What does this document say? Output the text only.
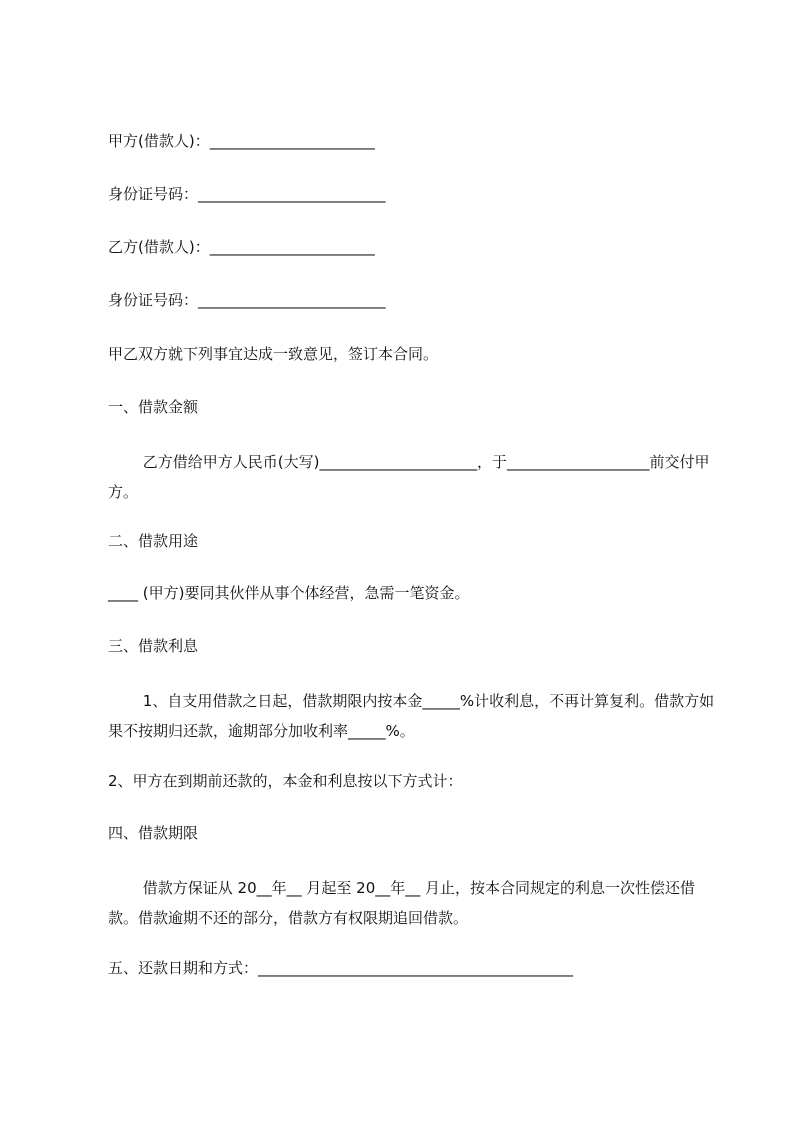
甲方(借款人)：______________________
身份证号码：_________________________
乙方(借款人)：______________________
身份证号码：_________________________
甲乙双方就下列事宜达成一致意见，签订本合同。
一、借款金额
乙方借给甲方人民币(大写)_____________________，于___________________前交付甲方。
二、借款用途
____ (甲方)要同其伙伴从事个体经营，急需一笔资金。
三、借款利息
1、自支用借款之日起，借款期限内按本金_____%计收利息，不再计算复利。借款方如果不按期归还款，逾期部分加收利率_____%。
2、甲方在到期前还款的，本金和利息按以下方式计：
四、借款期限
借款方保证从 20__年__ 月起至 20__年__ 月止，按本合同规定的利息一次性偿还借款。借款逾期不还的部分，借款方有权限期追回借款。
五、还款日期和方式：__________________________________________
